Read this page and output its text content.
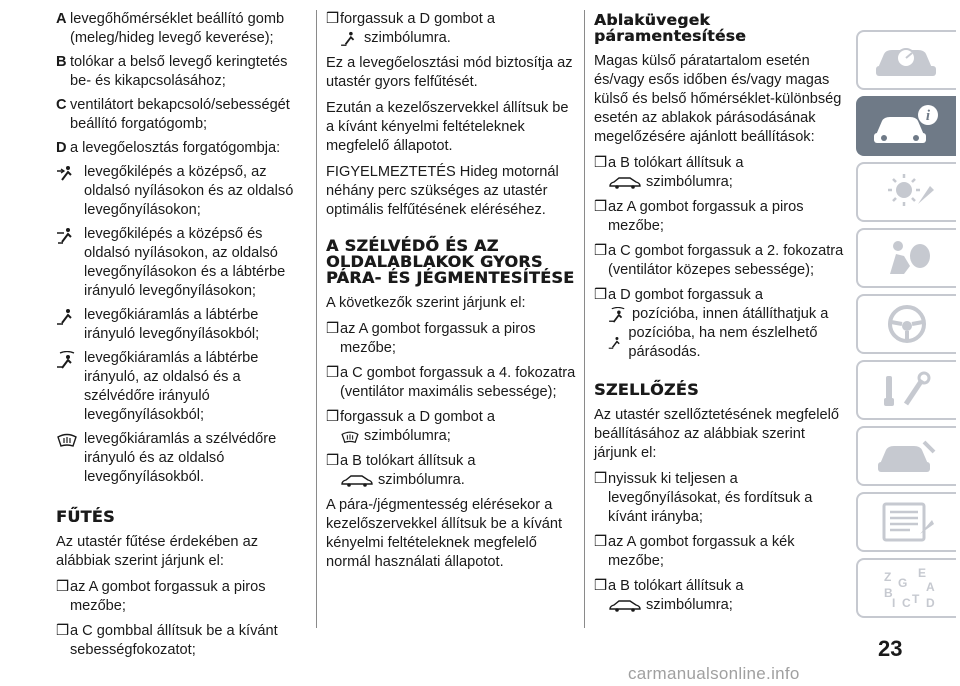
A levegőhőmérséklet beállító gomb (meleg/hideg levegő keverése);
B tolókar a belső levegő keringtetés be- és kikapcsolásához;
C ventilátort bekapcsoló/sebességét beállító forgatógomb;
D a levegőelosztás forgatógombja:
levegőkilépés a középső, az oldalsó nyílásokon és az oldalsó levegőnyílásokon;
levegőkilépés a középső és oldalsó nyílásokon, az oldalsó levegőnyílásokon és a lábtérbe irányuló levegőnyílásokon;
levegőkiáramlás a lábtérbe irányuló levegőnyílásokból;
levegőkiáramlás a lábtérbe irányuló, az oldalsó és a szélvédőre irányuló levegőnyílásokból;
levegőkiáramlás a szélvédőre irányuló és az oldalsó levegőnyílásokból.
FŰTÉS

Az utastér fűtése érdekében az alábbiak szerint járjunk el:

❒ az A gombot forgassuk a piros mezőbe;
❒ a C gombbal állítsuk be a kívánt sebességfokozatot;
❒ forgassuk a D gombot a
szimbólumra.

Ez a levegőelosztási mód biztosítja az utastér gyors felfűtését.

Ezután a kezelőszervekkel állítsuk be a kívánt kényelmi feltételeknek megfelelő állapotot.

FIGYELMEZTETÉS Hideg motornál néhány perc szükséges az utastér optimális felfűtésének eléréséhez.

A SZÉLVÉDŐ ÉS AZ OLDALABLAKOK GYORS PÁRA- ÉS JÉGMENTESÍTÉSE

A következők szerint járjunk el:

❒ az A gombot forgassuk a piros mezőbe;
❒ a C gombot forgassuk a 4. fokozatra (ventilátor maximális sebessége);
❒ forgassuk a D gombot a
szimbólumra;
❒ a B tolókart állítsuk a
szimbólumra.

A pára-/jégmentesség elérésekor a kezelőszervekkel állítsuk be a kívánt kényelmi feltételeknek megfelelő normál használati állapotot.

Ablaküvegek páramentesítése

Magas külső páratartalom esetén és/vagy esős időben és/vagy magas külső és belső hőmérséklet-különbség esetén az ablakok párásodásának megelőzésére ajánlott beállítások:

❒ a B tolókart állítsuk a
szimbólumra;
❒ az A gombot forgassuk a piros mezőbe;
❒ a C gombot forgassuk a 2. fokozatra (ventilátor közepes sebessége);
❒ a D gombot forgassuk a
pozícióba, innen átállíthatjuk a
pozícióba, ha nem észlelhető párásodás.
SZELLŐZÉS

Az utastér szellőztetésének megfelelő beállításához az alábbiak szerint járjunk el:

❒ nyissuk ki teljesen a levegőnyílásokat, és fordítsuk a kívánt irányba;
❒ az A gombot forgassuk a kék mezőbe;
❒ a B tolókart állítsuk a
szimbólumra;
i
Z E
G
B	A
I C T D
23
carmanualsonline.info
